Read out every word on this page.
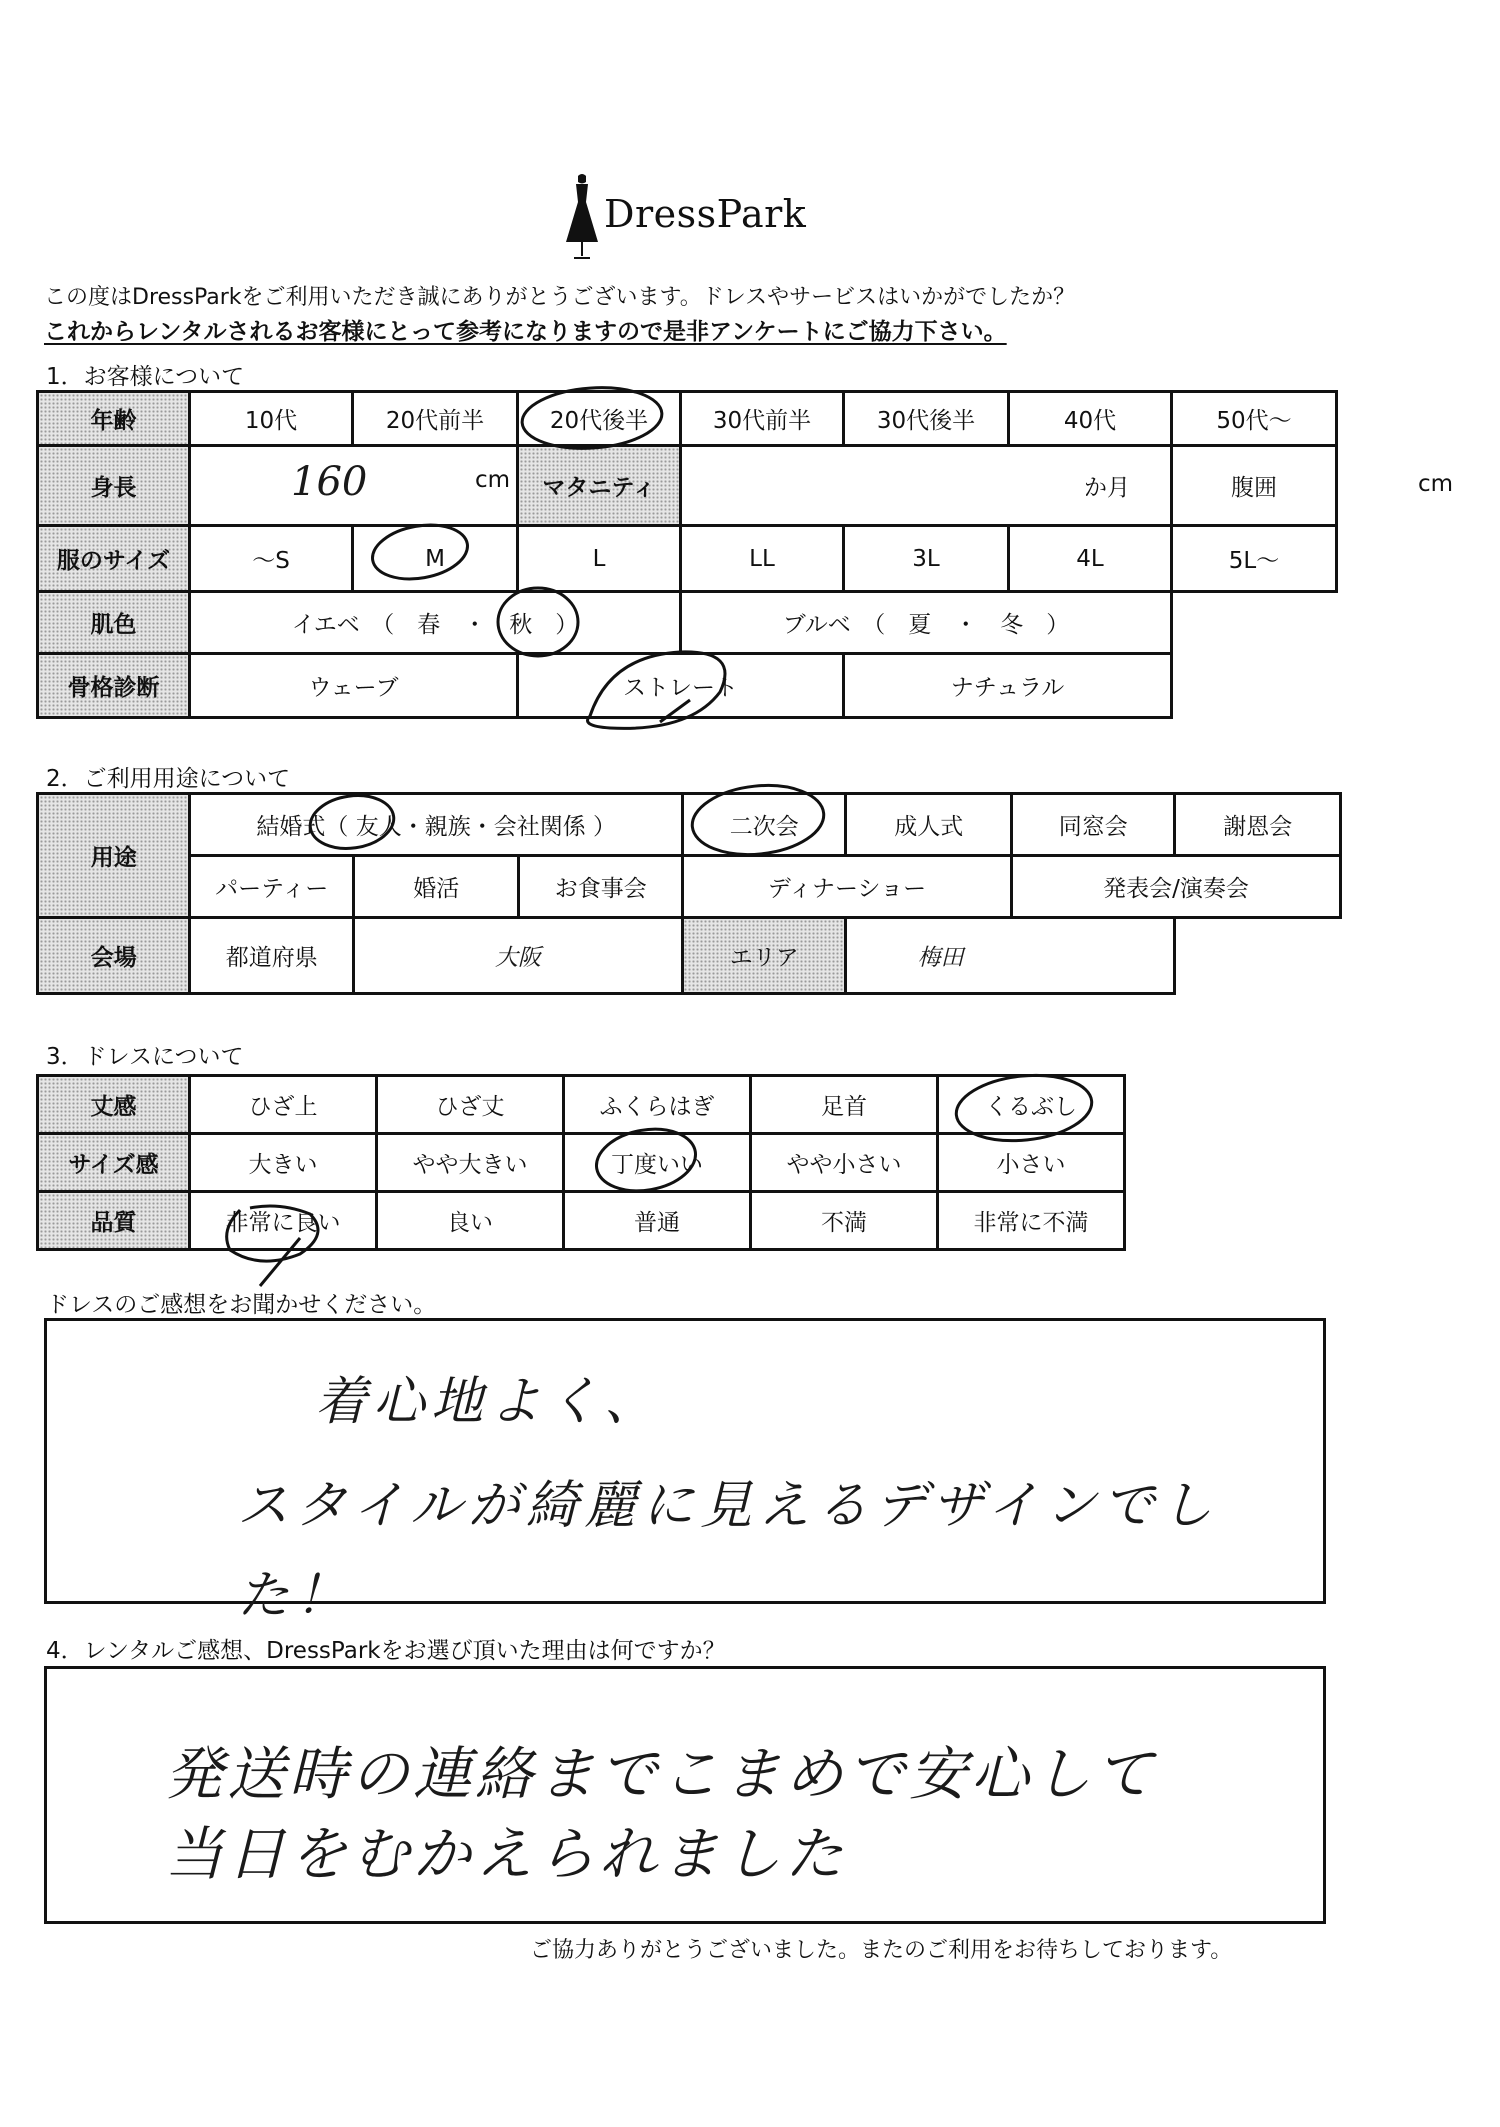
DressPark
この度はDressParkをご利用いただき誠にありがとうございます。ドレスやサービスはいかがでしたか？
これからレンタルされるお客様にとって参考になりますので是非アンケートにご協力下さい。
1．お客様について
年齢	10代	20代前半	20代後半	30代前半	30代後半	40代	50代～
身長	160 cm		マタニティ	か月			腹囲 cm

服のサイズ	～S	M	L	LL	3L	4L	5L～
肌色	イエベ　（　春　・　秋　）			ブルベ　（　夏　・　冬　）			
骨格診断	ウェーブ		ストレート		ナチュラル		
2．ご利用用途について
用途	結婚式（ 友人・親族・会社関係 ）			二次会	成人式	同窓会	謝恩会
	パーティー	婚活	お食事会	ディナーショー		発表会/演奏会	
会場	都道府県	大阪		エリア	梅田		
3．ドレスについて
丈感	ひざ上	ひざ丈	ふくらはぎ	足首	くるぶし
サイズ感	大きい	やや大きい	丁度いい	やや小さい	小さい
品質	非常に良い	良い	普通	不満	非常に不満
ドレスのご感想をお聞かせください。
着心地よく、
スタイルが綺麗に見えるデザインでした！
4．レンタルご感想、DressParkをお選び頂いた理由は何ですか？
発送時の連絡までこまめで安心して
当日をむかえられました
ご協力ありがとうございました。またのご利用をお待ちしております。
